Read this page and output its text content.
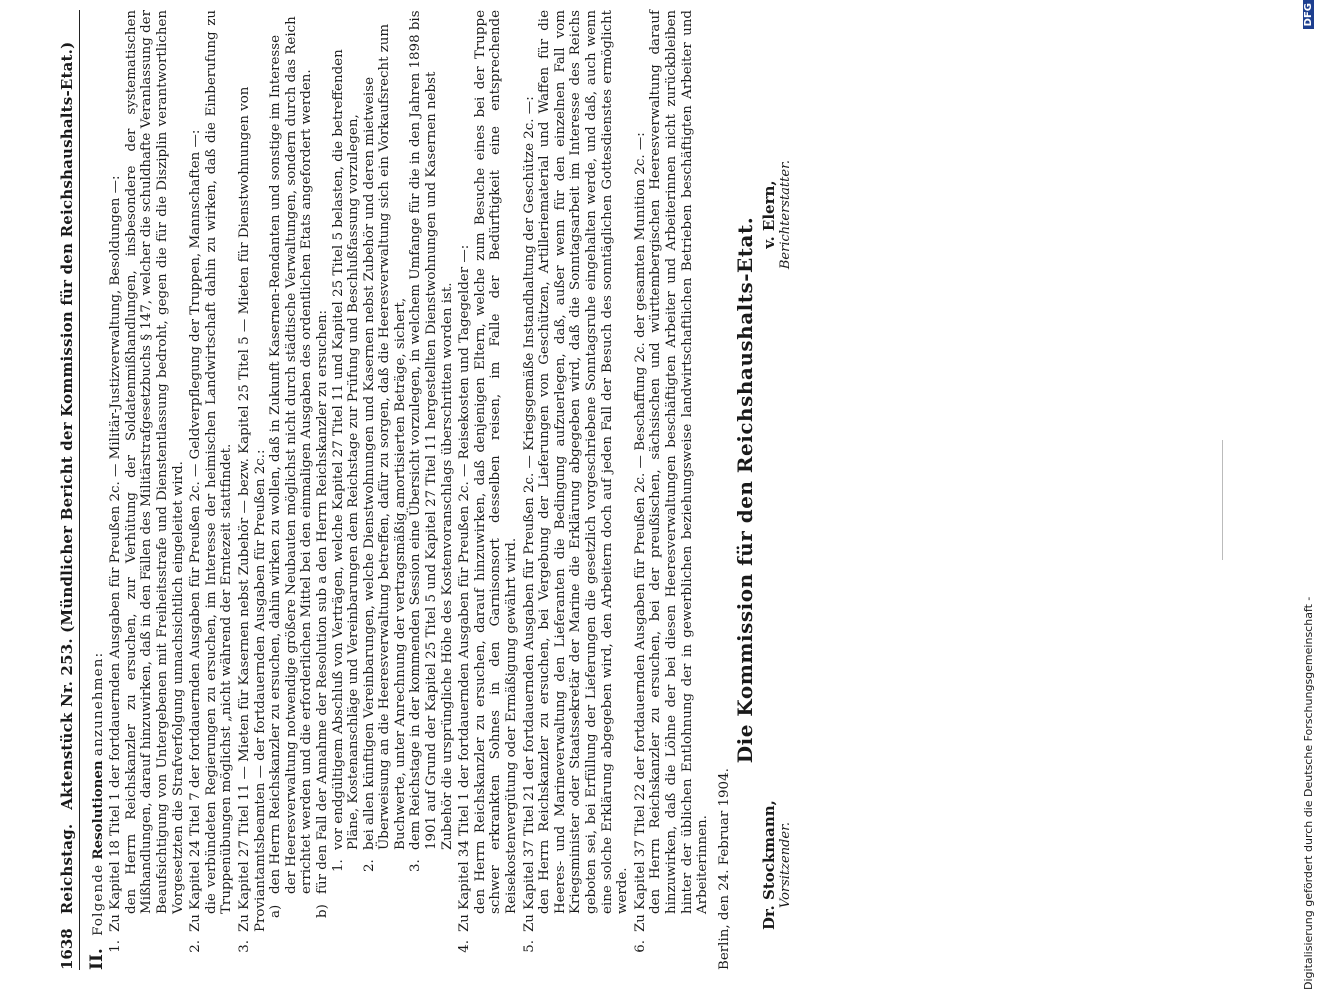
1638
Reichstag.
Aktenstück Nr. 253. (Mündlicher Bericht der Kommission für den Reichshaushalts-Etat.)
II. Folgende Resolutionen anzunehmen:
1.
Zu Kapitel 18 Titel 1 der fortdauernden Ausgaben für Preußen 2c. — Militär-Justizverwaltung, Besoldungen —: den Herrn Reichskanzler zu ersuchen, zur Verhütung der Soldatenmißhandlungen, insbesondere der systematischen Mißhandlungen, darauf hinzuwirken, daß in den Fällen des Militärstrafgesetzbuchs § 147, welcher die schuldhafte Veranlassung der Beaufsichtigung von Untergebenen mit Freiheitsstrafe und Dienstentlassung bedroht, gegen die für die Disziplin verantwortlichen Vorgesetzten die Strafverfolgung unnachsichtlich eingeleitet wird.
2.
Zu Kapitel 24 Titel 7 der fortdauernden Ausgaben für Preußen 2c. — Geldverpflegung der Truppen, Mannschaften —: die verbündeten Regierungen zu ersuchen, im Interesse der heimischen Landwirtschaft dahin zu wirken, daß die Einberufung zu Truppenübungen möglichst „nicht während der Erntezeit stattfindet.
3.
Zu Kapitel 27 Titel 11 — Mieten für Kasernen nebst Zubehör — bezw. Kapitel 25 Titel 5 — Mieten für Dienstwohnungen von Proviantamtsbeamten — der fortdauernden Ausgaben für Preußen 2c.: a)
den Herrn Reichskanzler zu ersuchen, dahin wirken zu wollen, daß in Zukunft Kasernen-Rendanten und sonstige im Interesse der Heeresverwaltung notwendige größere Neubauten möglichst nicht durch städtische Verwaltungen, sondern durch das Reich errichtet werden und die erforderlichen Mittel bei den einmaligen Ausgaben des ordentlichen Etats angefordert werden.
b)
für den Fall der Annahme der Resolution sub a den Herrn Reichskanzler zu ersuchen: 1.
vor endgültigem Abschluß von Verträgen, welche Kapitel 27 Titel 11 und Kapitel 25 Titel 5 belasten, die betreffenden Pläne, Kostenanschläge und Vereinbarungen dem Reichstage zur Prüfung und Beschlußfassung vorzulegen,
2.
bei allen künftigen Vereinbarungen, welche Dienstwohnungen und Kasernen nebst Zubehör und deren mietweise Überweisung an die Heeresverwaltung betreffen, dafür zu sorgen, daß die Heeresverwaltung sich ein Vorkaufsrecht zum Buchwerte, unter Anrechnung der vertragsmäßig amortisierten Beträge, sichert,
3.
dem Reichstage in der kommenden Session eine Übersicht vorzulegen, in welchem Umfange für die in den Jahren 1898 bis 1901 auf Grund der Kapitel 25 Titel 5 und Kapitel 27 Titel 11 hergestellten Dienstwohnungen und Kasernen nebst Zubehör die ursprüngliche Höhe des Kostenvoranschlags überschritten worden ist.
4.
Zu Kapitel 34 Titel 1 der fortdauernden Ausgaben für Preußen 2c. — Reisekosten und Tagegelder —: den Herrn Reichskanzler zu ersuchen, darauf hinzuwirken, daß denjenigen Eltern, welche zum Besuche eines bei der Truppe schwer erkrankten Sohnes in den Garnisonsort desselben reisen, im Falle der Bedürftigkeit eine entsprechende Reisekostenvergütung oder Ermäßigung gewährt wird.
5.
Zu Kapitel 37 Titel 21 der fortdauernden Ausgaben für Preußen 2c. — Kriegsgemäße Instandhaltung der Geschütze 2c. —: den Herrn Reichskanzler zu ersuchen, bei Vergebung der Lieferungen von Geschützen, Artilleriematerial und Waffen für die Heeres- und Marineverwaltung den Lieferanten die Bedingung aufzuerlegen, daß, außer wenn für den einzelnen Fall vom Kriegsminister oder Staatssekretär der Marine die Erklärung abgegeben wird, daß die Sonntagsarbeit im Interesse des Reichs geboten sei, bei Erfüllung der Lieferungen die gesetzlich vorgeschriebene Sonntagsruhe eingehalten werde, und daß, auch wenn eine solche Erklärung abgegeben wird, den Arbeitern doch auf jeden Fall der Besuch des sonntäglichen Gottesdienstes ermöglicht werde.
6.
Zu Kapitel 37 Titel 22 der fortdauernden Ausgaben für Preußen 2c. — Beschaffung 2c. der gesamten Munition 2c. —: den Herrn Reichskanzler zu ersuchen, bei der preußischen, sächsischen und württembergischen Heeresverwaltung darauf hinzuwirken, daß die Löhne der bei diesen Heeresverwaltungen beschäftigten Arbeiter und Arbeiterinnen nicht zurückbleiben hinter der üblichen Entlohnung der in gewerblichen beziehungsweise landwirtschaftlichen Betrieben beschäftigten Arbeiter und Arbeiterinnen. Berlin, den 24. Februar 1904.
Die Kommission für den Reichshaushalts-Etat.
Dr. Stockmann, Vorsitzender.
v. Elern, Berichterstatter.
Digitalisierung gefördert durch die Deutsche Forschungsgemeinschaft -
DFG
